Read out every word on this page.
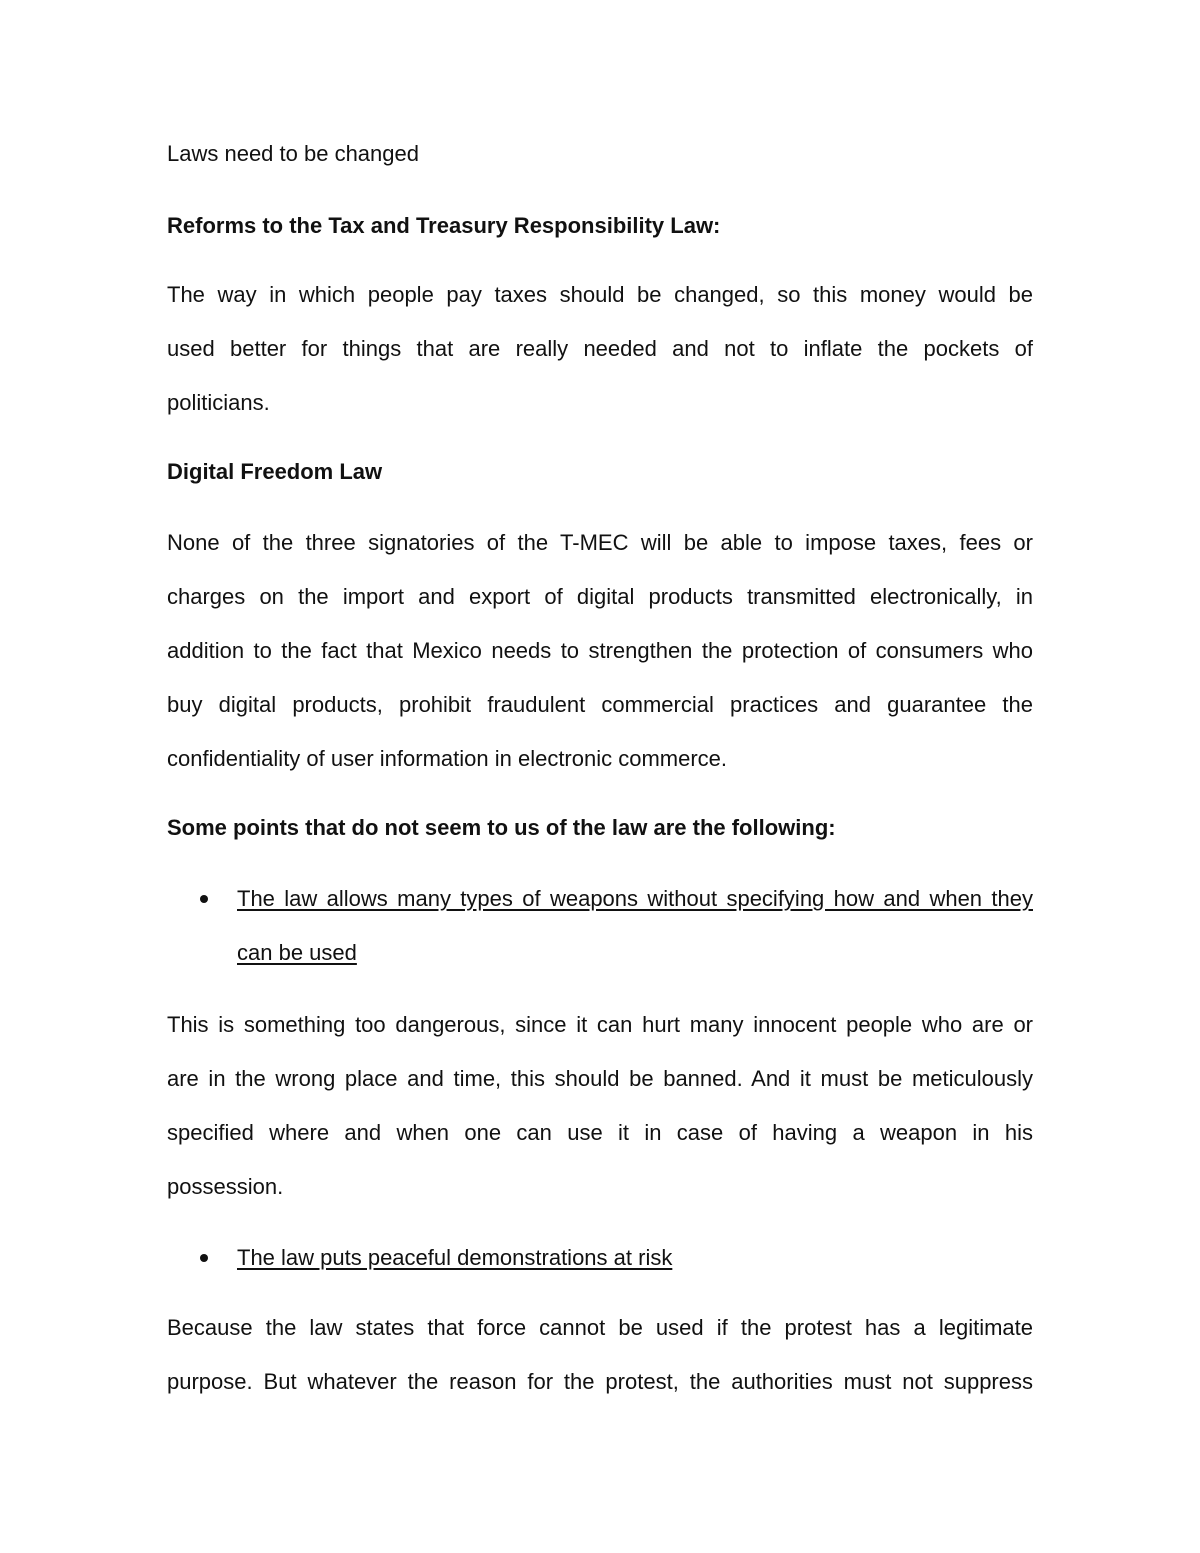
Laws need to be changed
Reforms to the Tax and Treasury Responsibility Law:
The way in which people pay taxes should be changed, so this money would be
used better for things that are really needed and not to inflate the pockets of
politicians.
Digital Freedom Law
None of the three signatories of the T-MEC will be able to impose taxes, fees or
charges on the import and export of digital products transmitted electronically, in
addition to the fact that Mexico needs to strengthen the protection of consumers who
buy digital products, prohibit fraudulent commercial practices and guarantee the
confidentiality of user information in electronic commerce.
Some points that do not seem to us of the law are the following:
The law allows many types of weapons without specifying how and when they
can be used
This is something too dangerous, since it can hurt many innocent people who are or
are in the wrong place and time, this should be banned. And it must be meticulously
specified where and when one can use it in case of having a weapon in his
possession.
The law puts peaceful demonstrations at risk
Because the law states that force cannot be used if the protest has a legitimate
purpose. But whatever the reason for the protest, the authorities must not suppress
